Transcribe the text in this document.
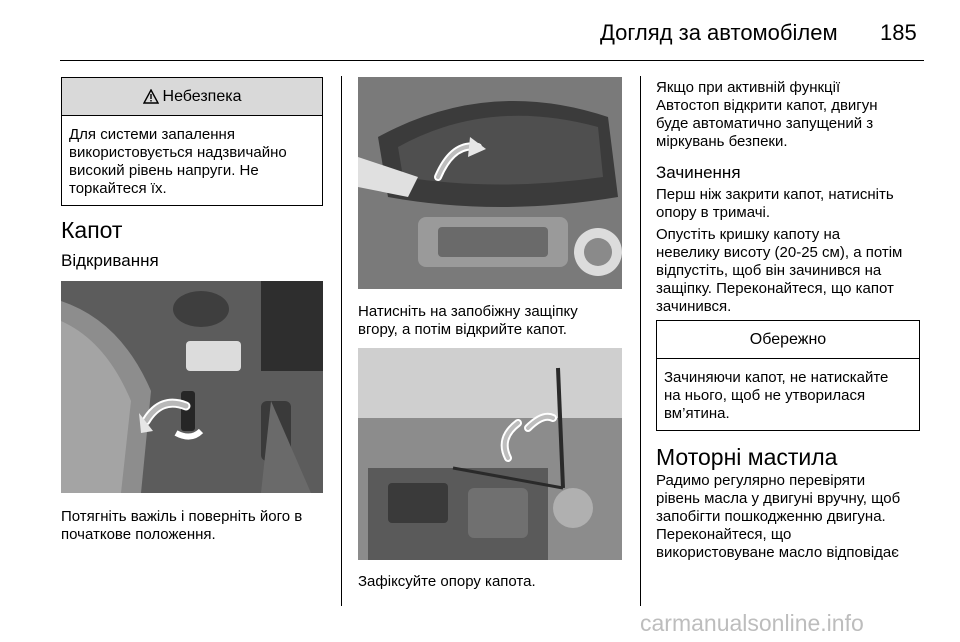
Догляд за автомобілем 185
Небезпека
Для системи запалення
використовується надзвичайно
високий рівень напруги. Не
торкайтеся їх.
Капот
Відкривання
Потягніть важіль і поверніть його в
початкове положення.
Натисніть на запобіжну защіпку
вгору, а потім відкрийте капот.
Зафіксуйте опору капота.
Якщо при активній функції
Автостоп відкрити капот, двигун
буде автоматично запущений з
міркувань безпеки.
Зачинення
Перш ніж закрити капот, натисніть
опору в тримачі.
Опустіть кришку капоту на
невелику висоту (20-25 см), а потім
відпустіть, щоб він зачинився на
защіпку. Переконайтеся, що капот
зачинився.
Обережно
Зачиняючи капот, не натискайте
на нього, щоб не утворилася
вм’ятина.
Моторні мастила
Радимо регулярно перевіряти
рівень масла у двигуні вручну, щоб
запобігти пошкодженню двигуна.
Переконайтеся, що
використовуване масло відповідає
carmanualsonline.info
